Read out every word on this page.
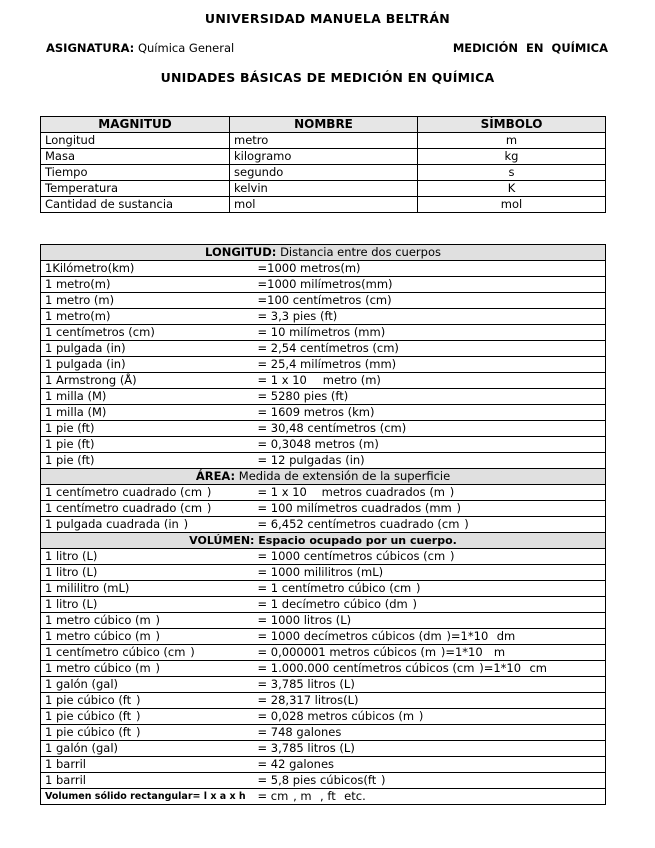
UNIVERSIDAD MANUELA BELTRÁN
ASIGNATURA: Química General	MEDICIÓN EN QUÍMICA
UNIDADES BÁSICAS DE MEDICIÓN EN QUÍMICA
MAGNITUD	NOMBRE	SÍMBOLO
Longitud	metro	m
Masa	kilogramo	kg
Tiempo	segundo	s
Temperatura	kelvin	K
Cantidad de sustancia	mol	mol
LONGITUD: Distancia entre dos cuerpos	
1Kilómetro(km)	=1000 metros(m)
1 metro(m)	=1000 milímetros(mm)
1 metro (m)	=100 centímetros (cm)
1 metro(m)	= 3,3 pies (ft)
1 centímetros (cm)	= 10 milímetros (mm)
1 pulgada (in)	= 2,54 centímetros (cm)
1 pulgada (in)	= 25,4 milímetros (mm)
1 Armstrong (Å)	= 1 x 10 metro (m)
1 milla (M)	= 5280 pies (ft)
1 milla (M)	= 1609 metros (km)
1 pie (ft)	= 30,48 centímetros (cm)
1 pie (ft)	= 0,3048 metros (m)
1 pie (ft)	= 12 pulgadas (in)
ÁREA: Medida de extensión de la superficie	
1 centímetro cuadrado (cm )	= 1 x 10 metros cuadrados (m )
1 centímetro cuadrado (cm )	= 100 milímetros cuadrados (mm )
1 pulgada cuadrada (in )	= 6,452 centímetros cuadrado (cm )
VOLÚMEN: Espacio ocupado por un cuerpo.	
1 litro (L)	= 1000 centímetros cúbicos (cm )
1 litro (L)	= 1000 mililitros (mL)
1 mililitro (mL)	= 1 centímetro cúbico (cm )
1 litro (L)	= 1 decímetro cúbico (dm )
1 metro cúbico (m )	= 1000 litros (L)
1 metro cúbico (m )	= 1000 decímetros cúbicos (dm )=1*10 dm
1 centímetro cúbico (cm )	= 0,000001 metros cúbicos (m )=1*10 m
1 metro cúbico (m )	= 1.000.000 centímetros cúbicos (cm )=1*10 cm
1 galón (gal)	= 3,785 litros (L)
1 pie cúbico (ft )	= 28,317 litros(L)
1 pie cúbico (ft )	= 0,028 metros cúbicos (m )
1 pie cúbico (ft )	= 748 galones
1 galón (gal)	= 3,785 litros (L)
1 barril	= 42 galones
1 barril	= 5,8 pies cúbicos(ft )
Volumen sólido rectangular= l x a x h	= cm , m , ft etc.
